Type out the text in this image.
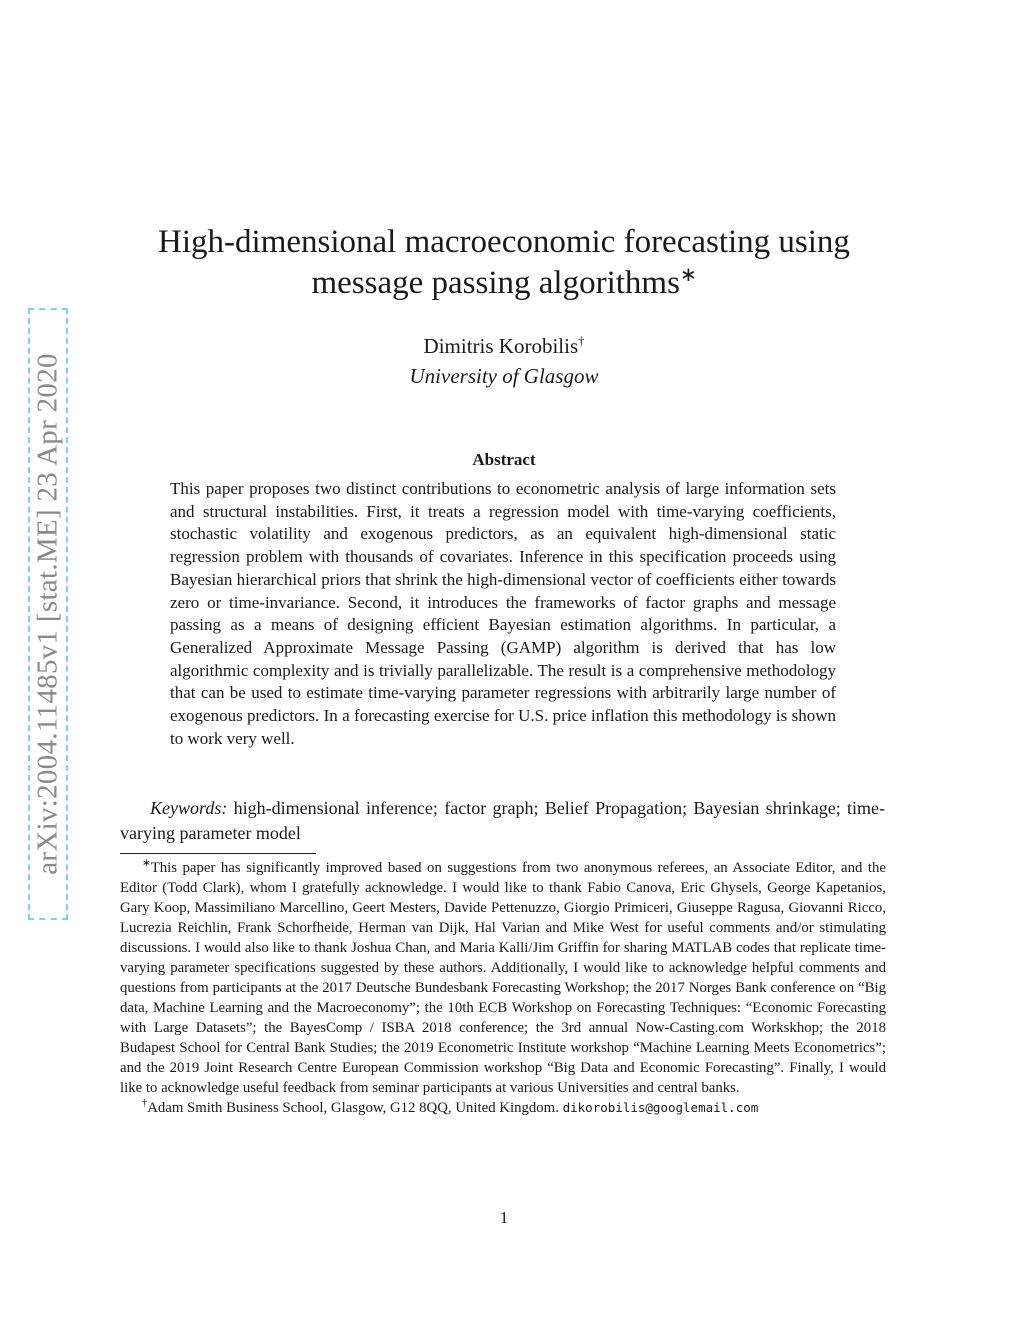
arXiv:2004.11485v1 [stat.ME] 23 Apr 2020
High-dimensional macroeconomic forecasting using
message passing algorithms∗
Dimitris Korobilis†
University of Glasgow
Abstract

This paper proposes two distinct contributions to econometric analysis of large information sets and structural instabilities. First, it treats a regression model with time-varying coefficients, stochastic volatility and exogenous predictors, as an equivalent high-dimensional static regression problem with thousands of covariates. Inference in this specification proceeds using Bayesian hierarchical priors that shrink the high-dimensional vector of coefficients either towards zero or time-invariance. Second, it introduces the frameworks of factor graphs and message passing as a means of designing efficient Bayesian estimation algorithms. In particular, a Generalized Approximate Message Passing (GAMP) algorithm is derived that has low algorithmic complexity and is trivially parallelizable. The result is a comprehensive methodology that can be used to estimate time-varying parameter regressions with arbitrarily large number of exogenous predictors. In a forecasting exercise for U.S. price inflation this methodology is shown to work very well.

Keywords: high-dimensional inference; factor graph; Belief Propagation; Bayesian shrinkage; time-varying parameter model

∗This paper has significantly improved based on suggestions from two anonymous referees, an Associate Editor, and the Editor (Todd Clark), whom I gratefully acknowledge. I would like to thank Fabio Canova, Eric Ghysels, George Kapetanios, Gary Koop, Massimiliano Marcellino, Geert Mesters, Davide Pettenuzzo, Giorgio Primiceri, Giuseppe Ragusa, Giovanni Ricco, Lucrezia Reichlin, Frank Schorfheide, Herman van Dijk, Hal Varian and Mike West for useful comments and/or stimulating discussions. I would also like to thank Joshua Chan, and Maria Kalli/Jim Griffin for sharing MATLAB codes that replicate time-varying parameter specifications suggested by these authors. Additionally, I would like to acknowledge helpful comments and questions from participants at the 2017 Deutsche Bundesbank Forecasting Workshop; the 2017 Norges Bank conference on “Big data, Machine Learning and the Macroeconomy”; the 10th ECB Workshop on Forecasting Techniques: “Economic Forecasting with Large Datasets”; the BayesComp / ISBA 2018 conference; the 3rd annual Now-Casting.com Workskhop; the 2018 Budapest School for Central Bank Studies; the 2019 Econometric Institute workshop “Machine Learning Meets Econometrics”; and the 2019 Joint Research Centre European Commission workshop “Big Data and Economic Forecasting”. Finally, I would like to acknowledge useful feedback from seminar participants at various Universities and central banks.

†Adam Smith Business School, Glasgow, G12 8QQ, United Kingdom. dikorobilis@googlemail.com

1
